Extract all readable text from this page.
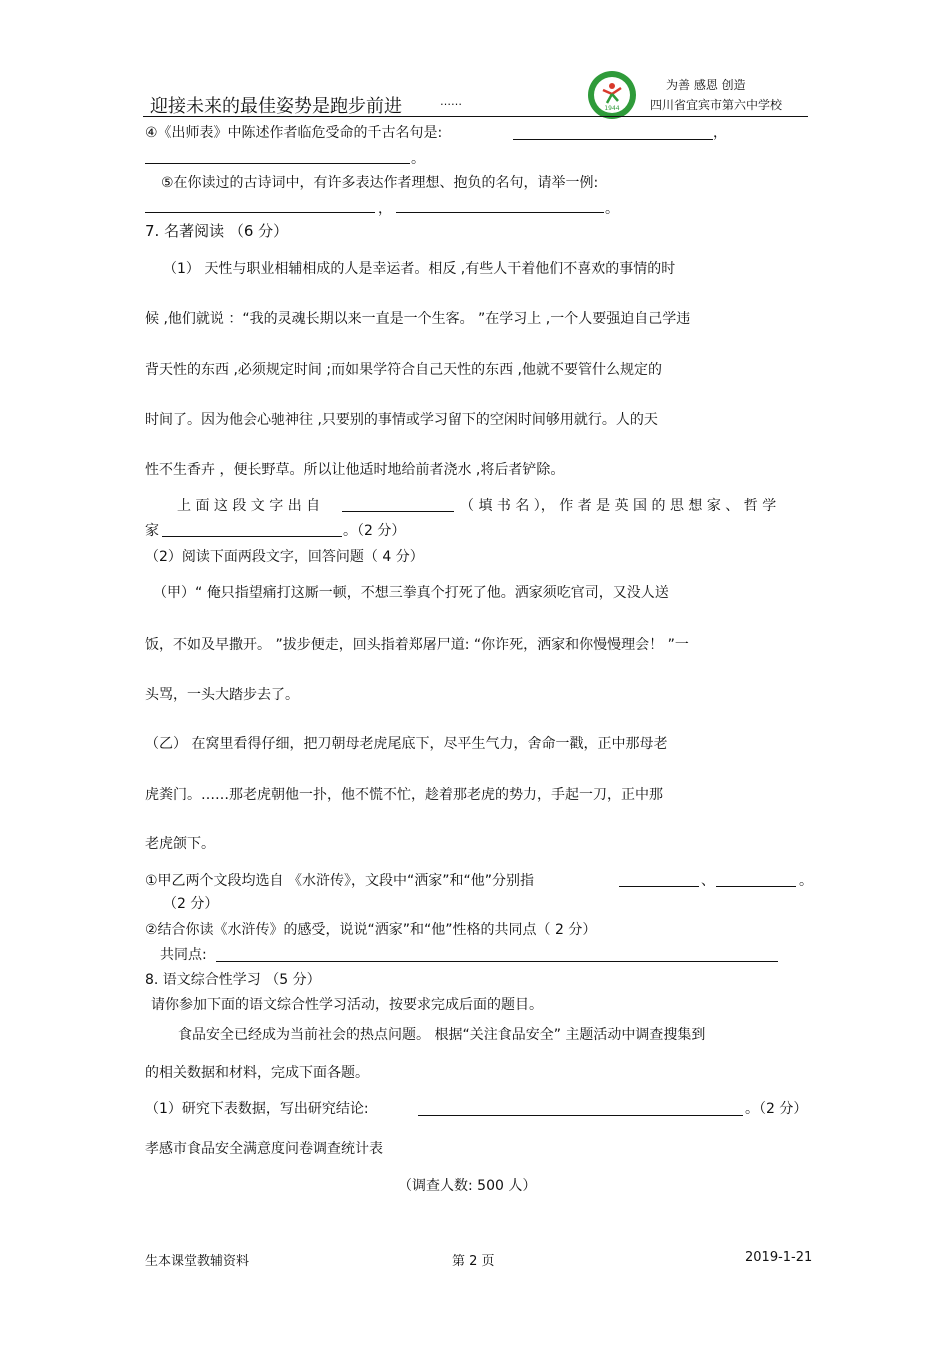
迎接未来的最佳姿势是跑步前进	……
1944
为善 感恩 创造
四川省宜宾市第六中学校
④《出师表》中陈述作者临危受命的千古名句是:	，
。
⑤在你读过的古诗词中，有许多表达作者理想、抱负的名句，请举一例:
，	。
7. 名著阅读 （6 分）
（1） 天性与职业相辅相成的人是幸运者。相反 ,有些人干着他们不喜欢的事情的时
候 ,他们就说 ：“我的灵魂长期以来一直是一个生客。 ”在学习上 ,一个人要强迫自己学违
背天性的东西 ,必须规定时间 ;而如果学符合自己天性的东西 ,他就不要管什么规定的
时间了。因为他会心驰神往 ,只要别的事情或学习留下的空闲时间够用就行。人的天
性不生香卉 ，便长野草。所以让他适时地给前者浇水 ,将后者铲除。
上 面 这 段 文 字 出 自	（ 填 书 名 ）， 作 者 是 英 国 的 思 想 家 、 哲 学
家	。（2 分）
（2）阅读下面两段文字，回答问题（ 4 分）
（甲）“ 俺只指望痛打这厮一顿，不想三拳真个打死了他。洒家须吃官司，又没人送
饭，不如及早撒开。 ”拔步便走，回头指着郑屠尸道: “你诈死，洒家和你慢慢理会！ ”一
头骂，一头大踏步去了。
（乙） 在窝里看得仔细，把刀朝母老虎尾底下，尽平生气力，舍命一戳，正中那母老
虎粪门。……那老虎朝他一扑，他不慌不忙，趁着那老虎的势力，手起一刀，正中那
老虎颌下。
①甲乙两个文段均选自 《水浒传》，文段中“洒家”和“他”分别指	、	。
（2 分）
②结合你读《水浒传》的感受，说说“洒家”和“他”性格的共同点（ 2 分）
共同点:
8. 语文综合性学习 （5 分）
请你参加下面的语文综合性学习活动，按要求完成后面的题目。
食品安全已经成为当前社会的热点问题。 根据“关注食品安全” 主题活动中调查搜集到
的相关数据和材料，完成下面各题。
（1）研究下表数据，写出研究结论:	。（2 分）
孝感市食品安全满意度问卷调查统计表
（调查人数: 500 人）
生本课堂教辅资料	第 2 页	2019-1-21
